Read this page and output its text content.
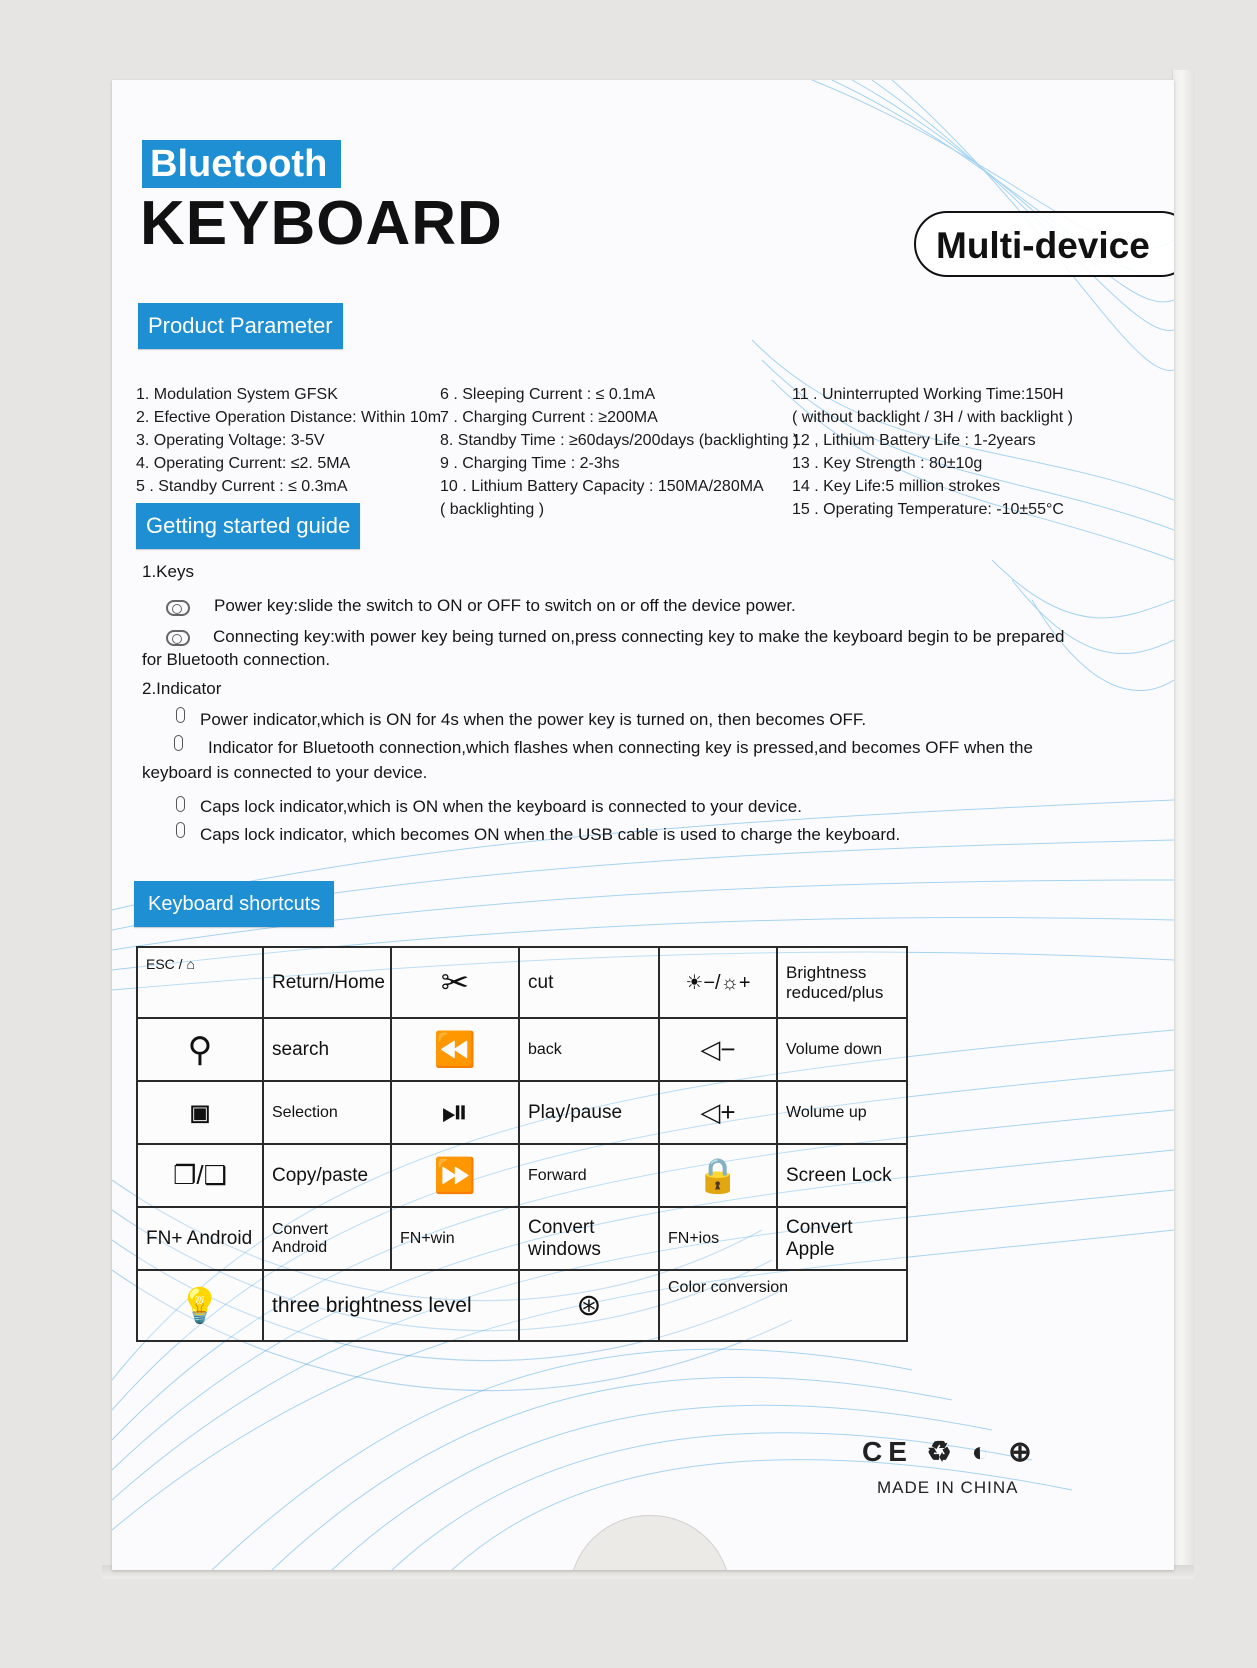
Bluetooth
KEYBOARD	Multi-device
Product Parameter
1. Modulation System GFSK
2. Efective Operation Distance: Within 10m
3. Operating Voltage: 3-5V
4. Operating Current: ≤2. 5MA
5 . Standby Current : ≤ 0.3mA
6 . Sleeping Current : ≤ 0.1mA
7 . Charging Current : ≥200MA
8. Standby Time : ≥60days/200days (backlighting )
9 . Charging Time : 2-3hs
10 . Lithium Battery Capacity : 150MA/280MA
( backlighting )
11 . Uninterrupted Working Time:150H
( without backlight / 3H / with backlight )
12 , Lithium Battery Life : 1-2years
13 . Key Strength : 80±10g
14 . Key Life:5 million strokes
15 . Operating Temperature: -10±55°C
Getting started guide
1.Keys
Power key:slide the switch to ON or OFF to switch on or off the device power.
Connecting key:with power key being turned on,press connecting key to make the keyboard begin to be prepared
for Bluetooth connection.
2.Indicator
Power indicator,which is ON for 4s when the power key is turned on, then becomes OFF.
Indicator for Bluetooth connection,which flashes when connecting key is pressed,and becomes OFF when the
keyboard is connected to your device.
Caps lock indicator,which is ON when the keyboard is connected to your device.
Caps lock indicator, which becomes ON when the USB cable is used to charge the keyboard.
Keyboard shortcuts
ESC / ⌂	Return/Home	✂	cut	☀−/☼+	Brightness reduced/plus
⚲	search	⏪	back	◁−	Volume down
▣	Selection	⏯	Play/pause	◁+	Wolume up
❐/❑	Copy/paste	⏩	Forward	🔒	Screen Lock
FN+ Android	Convert Android	FN+win	Convert windows	FN+ios	Convert Apple
💡	three brightness level		⊛	Color conversion	
CE ♻ ◐ ⊕
MADE IN CHINA
